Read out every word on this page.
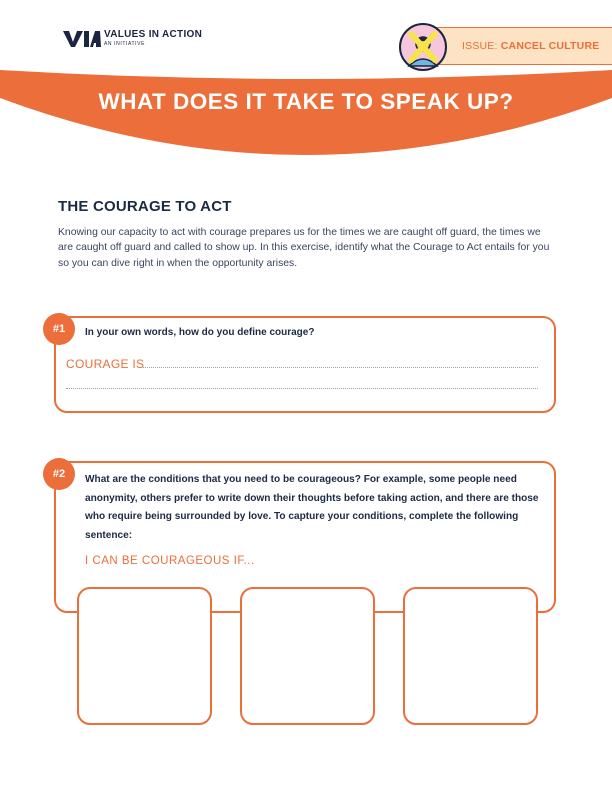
VALUES IN ACTION
AN INITIATIVE	ISSUE: CANCEL CULTURE
WHAT DOES IT TAKE TO SPEAK UP?
THE COURAGE TO ACT

Knowing our capacity to act with courage prepares us for the times we are caught off guard, the times we are caught off guard and called to show up. In this exercise, identify what the Courage to Act entails for you so you can dive right in when the opportunity arises.

#1	In your own words, how do you define courage?
COURAGE IS
#2	What are the conditions that you need to be courageous? For example, some people need anonymity, others prefer to write down their thoughts before taking action, and there are those who require being surrounded by love. To capture your conditions, complete the following sentence:

I CAN BE COURAGEOUS IF...
